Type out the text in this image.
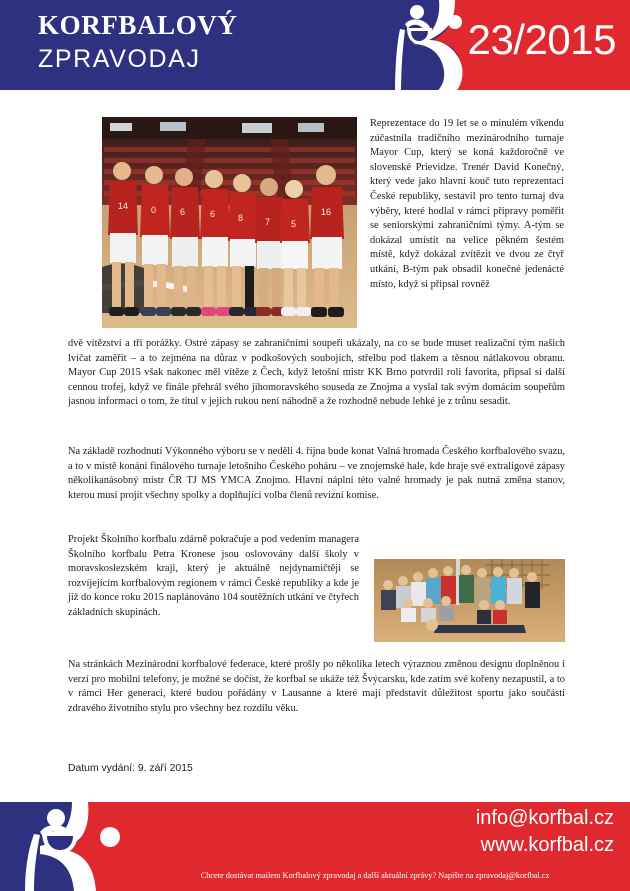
KORFBALOVÝ
ZPRAVODAJ	23/2015
14	0	6	6	8 7 5
16
Reprezentace do 19 let se o minulém víkendu zúčastnila tradičního mezinárodního turnaje Mayor Cup, který se koná každoročně ve slovenské Prievidze. Trenér David Konečný, který vede jako hlavní kouč tuto reprezentaci České republiky, sestavil pro tento turnaj dva výběry, které hodlal v rámci přípravy poměřit se seniorskými zahraničními týmy. A-tým se dokázal umístit na velice pěkném šestém místě, když dokázal zvítězit ve dvou ze čtyř utkání, B-tým pak obsadil konečné jedenácté místo, když si připsal rovněž
dvě vítězství a tři porážky. Ostré zápasy se zahraničními soupeři ukázaly, na co se bude muset realizační tým našich lvíčat zaměřit – a to zejména na důraz v podkošových soubojích, střelbu pod tlakem a těsnou nátlakovou obranu. Mayor Cup 2015 však nakonec měl vítěze z Čech, když letošní mistr KK Brno potvrdil roli favorita, připsal si další cennou trofej, když ve finále přehrál svého jihomoravského souseda ze Znojma a vyslal tak svým domácím soupeřům jasnou informaci o tom, že titul v jejich rukou není náhodně a že rozhodně nebude lehké je z trůnu sesadit.
Na základě rozhodnutí Výkonného výboru se v neděli 4. října bude konat Valná hromada Českého korfbalového svazu, a to v místě konání finálového turnaje letošního Českého poháru – ve znojemské hale, kde hraje své extraligové zápasy několikanásobný mistr ČR TJ MS YMCA Znojmo. Hlavní náplní této valné hromady je pak nutná změna stanov, kterou musí projít všechny spolky a doplňující volba členů revizní komise.
Projekt Školního korfbalu zdárně pokračuje a pod vedením managera Školního korfbalu Petra Kronese jsou oslovovány další školy v moravskoslezském kraji, který je aktuálně nejdynamičtěji se rozvíjejícím korfbalovým regionem v rámci České republiky a kde je již do konce roku 2015 naplánováno 104 soutěžních utkání ve čtyřech základních skupinách.
Na stránkách Mezinárodní korfbalové federace, které prošly po několika letech výraznou změnou designu doplněnou i verzí pro mobilní telefony, je možné se dočíst, že korfbal se ukáže též Švýcarsku, kde zatím své kořeny nezapustil, a to v rámci Her generací, které budou pořádány v Lausanne a které mají představit důležitost sportu jako součásti zdravého životního stylu pro všechny bez rozdílu věku.
Datum vydání: 9. září 2015
info@korfbal.cz
www.korfbal.cz
Chcete dostávat mailem Korfbalový zpravodaj a další aktuální zprávy? Napište na zpravodaj@korfbal.cz
